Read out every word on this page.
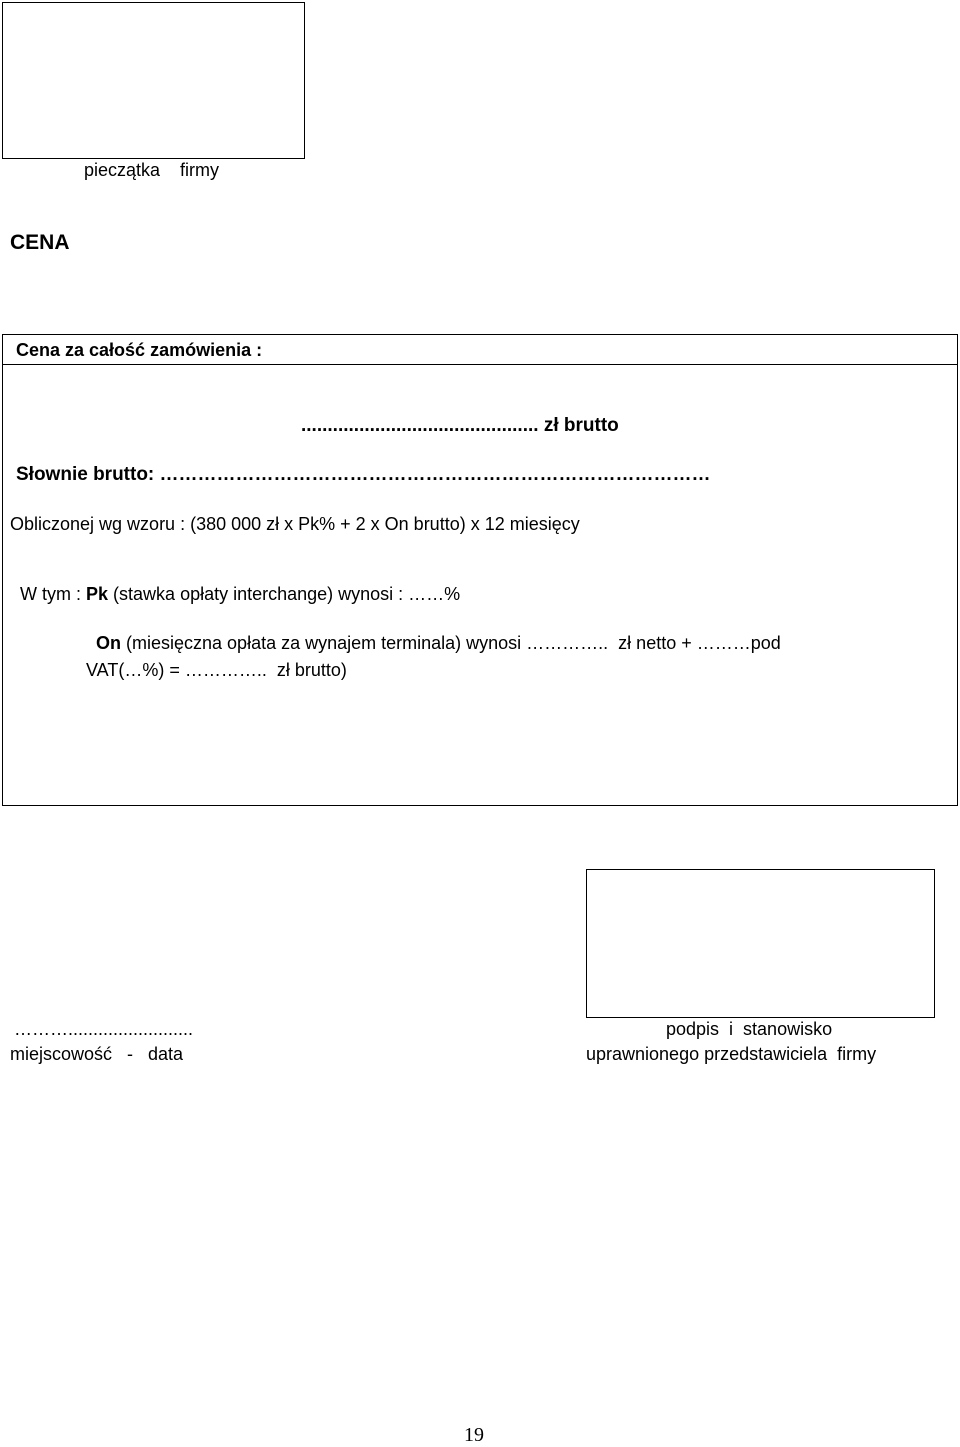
pieczątka    firmy
CENA
Cena za całość zamówienia :
............................................. zł brutto
Słownie brutto: ……………………………………………………………………………
Obliczonej wg wzoru : (380 000 zł x Pk% + 2 x On brutto) x 12 miesięcy

W tym : Pk (stawka opłaty interchange) wynosi : ……%

On (miesięczna opłata za wynajem terminala) wynosi …………..  zł netto + ………pod

VAT(…%) = …………..  zł brutto)
……….........................
miejscowość   -   data
podpis  i  stanowisko
uprawnionego przedstawiciela  firmy
19
